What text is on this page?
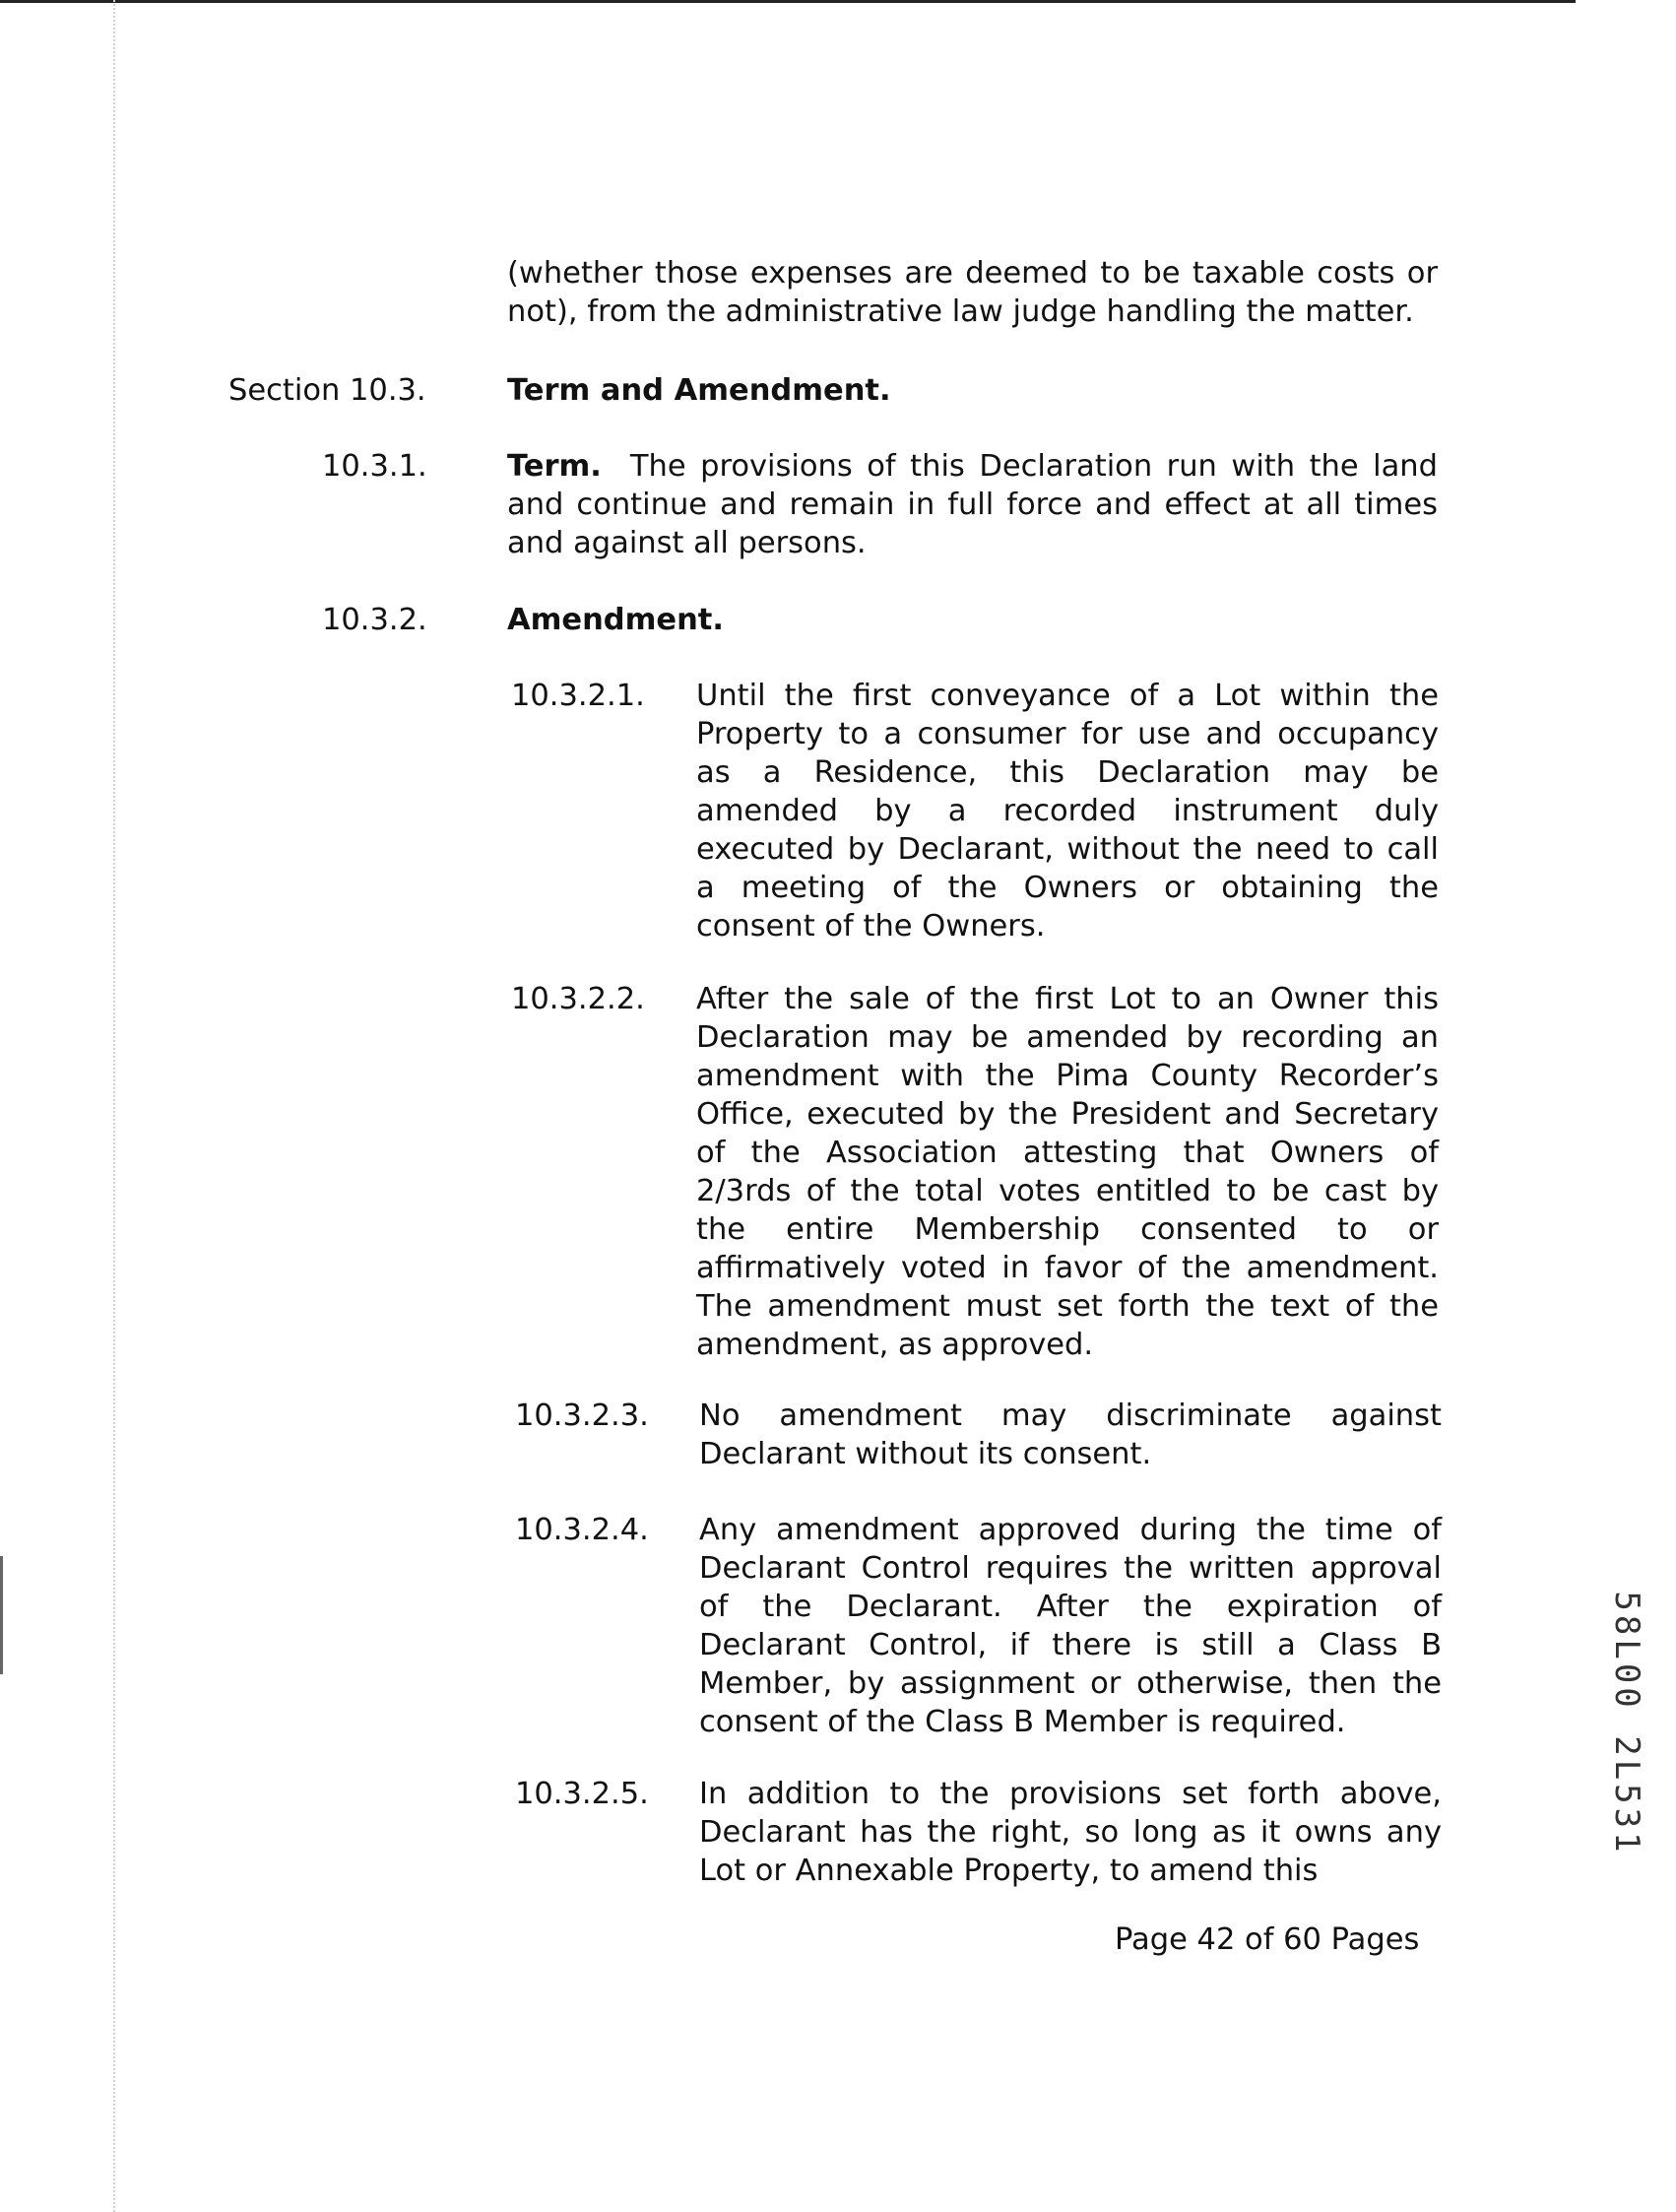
(whether those expenses are deemed to be taxable costs or not), from the administrative law judge handling the matter.

Section 10.3.	Term and Amendment.

10.3.1.	Term. The provisions of this Declaration run with the land and continue and remain in full force and effect at all times and against all persons.

10.3.2.	Amendment.

10.3.2.1. Until the first conveyance of a Lot within the Property to a consumer for use and occupancy as a Residence, this Declaration may be amended by a recorded instrument duly executed by Declarant, without the need to call a meeting of the Owners or obtaining the consent of the Owners.

10.3.2.2. After the sale of the first Lot to an Owner this Declaration may be amended by recording an amendment with the Pima County Recorder’s Office, executed by the President and Secretary of the Association attesting that Owners of 2/3rds of the total votes entitled to be cast by the entire Membership consented to or affirmatively voted in favor of the amendment. The amendment must set forth the text of the amendment, as approved.

10.3.2.3. No amendment may discriminate against Declarant without its consent.

10.3.2.4. Any amendment approved during the time of Declarant Control requires the written approval of the Declarant. After the expiration of Declarant Control, if there is still a Class B Member, by assignment or otherwise, then the consent of the Class B Member is required.

10.3.2.5. In addition to the provisions set forth above, Declarant has the right, so long as it owns any Lot or Annexable Property, to amend this

Page 42 of 60 Pages
58L00 2L531
